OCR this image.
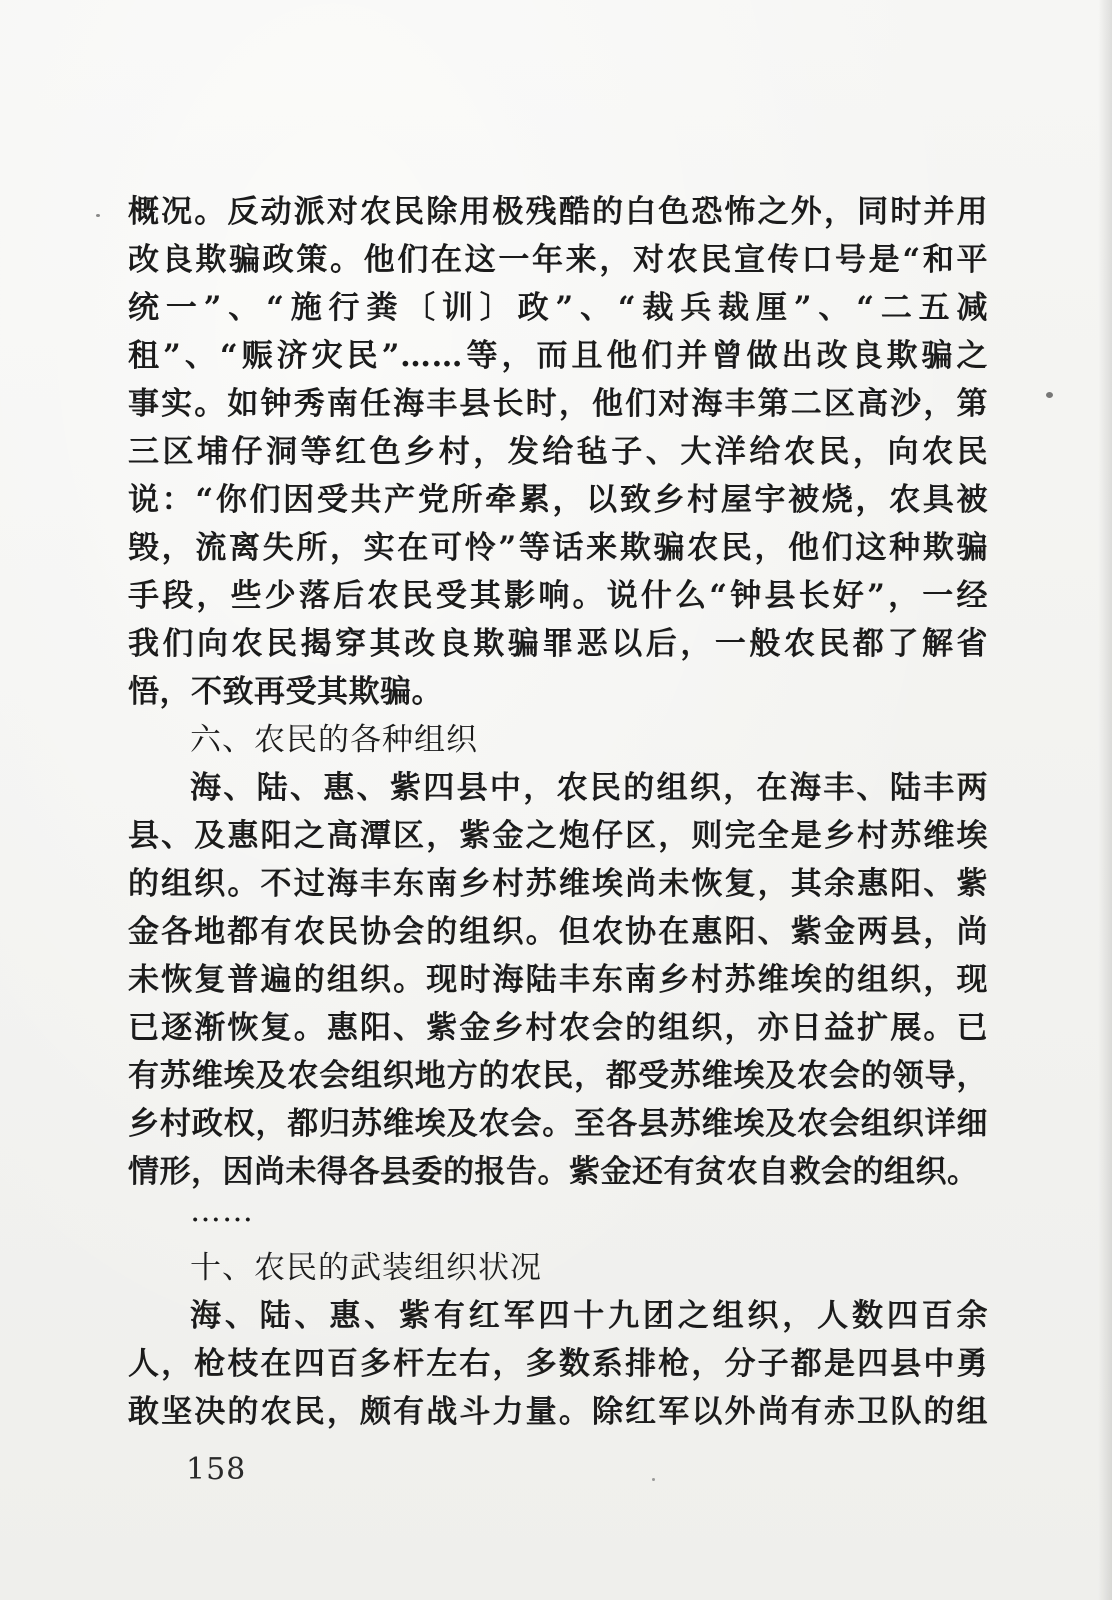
概况。反动派对农民除用极残酷的白色恐怖之外，同时并用
改良欺骗政策。他们在这一年来，对农民宣传口号是“和平
统一”、“施行粪〔训〕政”、“裁兵裁厘”、“二五减
租”、“赈济灾民”……等，而且他们并曾做出改良欺骗之
事实。如钟秀南任海丰县长时，他们对海丰第二区高沙，第
三区埔仔洞等红色乡村，发给毡子、大洋给农民，向农民
说：“你们因受共产党所牵累，以致乡村屋宇被烧，农具被
毁，流离失所，实在可怜”等话来欺骗农民，他们这种欺骗
手段，些少落后农民受其影响。说什么“钟县长好”，一经
我们向农民揭穿其改良欺骗罪恶以后，一般农民都了解省
悟，不致再受其欺骗。
六、农民的各种组织
海、陆、惠、紫四县中，农民的组织，在海丰、陆丰两
县、及惠阳之高潭区，紫金之炮仔区，则完全是乡村苏维埃
的组织。不过海丰东南乡村苏维埃尚未恢复，其余惠阳、紫
金各地都有农民协会的组织。但农协在惠阳、紫金两县，尚
未恢复普遍的组织。现时海陆丰东南乡村苏维埃的组织，现
已逐渐恢复。惠阳、紫金乡村农会的组织，亦日益扩展。已
有苏维埃及农会组织地方的农民，都受苏维埃及农会的领导，
乡村政权，都归苏维埃及农会。至各县苏维埃及农会组织详细
情形，因尚未得各县委的报告。紫金还有贫农自救会的组织。
……
十、农民的武装组织状况
海、陆、惠、紫有红军四十九团之组织，人数四百余
人，枪枝在四百多杆左右，多数系排枪，分子都是四县中勇
敢坚决的农民，颇有战斗力量。除红军以外尚有赤卫队的组
158
